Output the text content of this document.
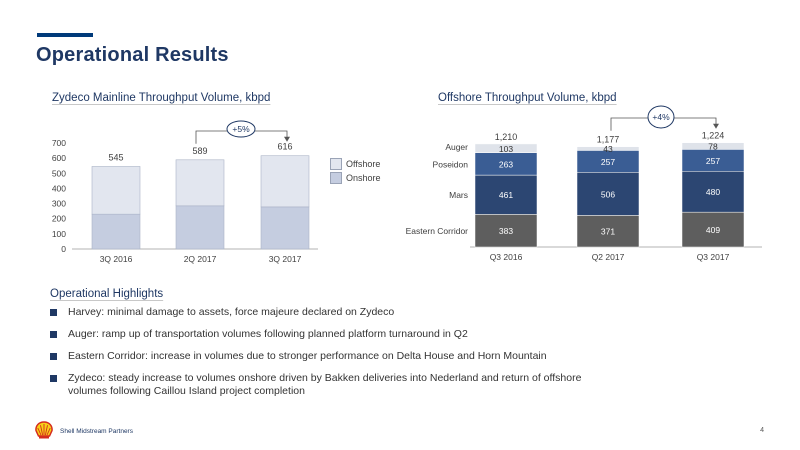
Operational Results
Zydeco Mainline Throughput Volume, kbpd	Offshore Throughput Volume, kbpd
0
100
200
300
400
500
600
700
545
3Q 2016
589
2Q 2017
616
3Q 2017
+5%
383
461
263
103
1,210
Q3 2016
371
506
257
43
1,177
Q2 2017
409
480
257
78
1,224
Q3 2017
Eastern Corridor
Mars
Poseidon
Auger
+4%
Offshore
Onshore
Operational Highlights
Harvey: minimal damage to assets, force majeure declared on Zydeco
Auger: ramp up of transportation volumes following planned platform turnaround in Q2
Eastern Corridor: increase in volumes due to stronger performance on Delta House and Horn Mountain
Zydeco: steady increase to volumes onshore driven by Bakken deliveries into Nederland and return of offshore volumes following Caillou Island project completion
Shell Midstream Partners	4
